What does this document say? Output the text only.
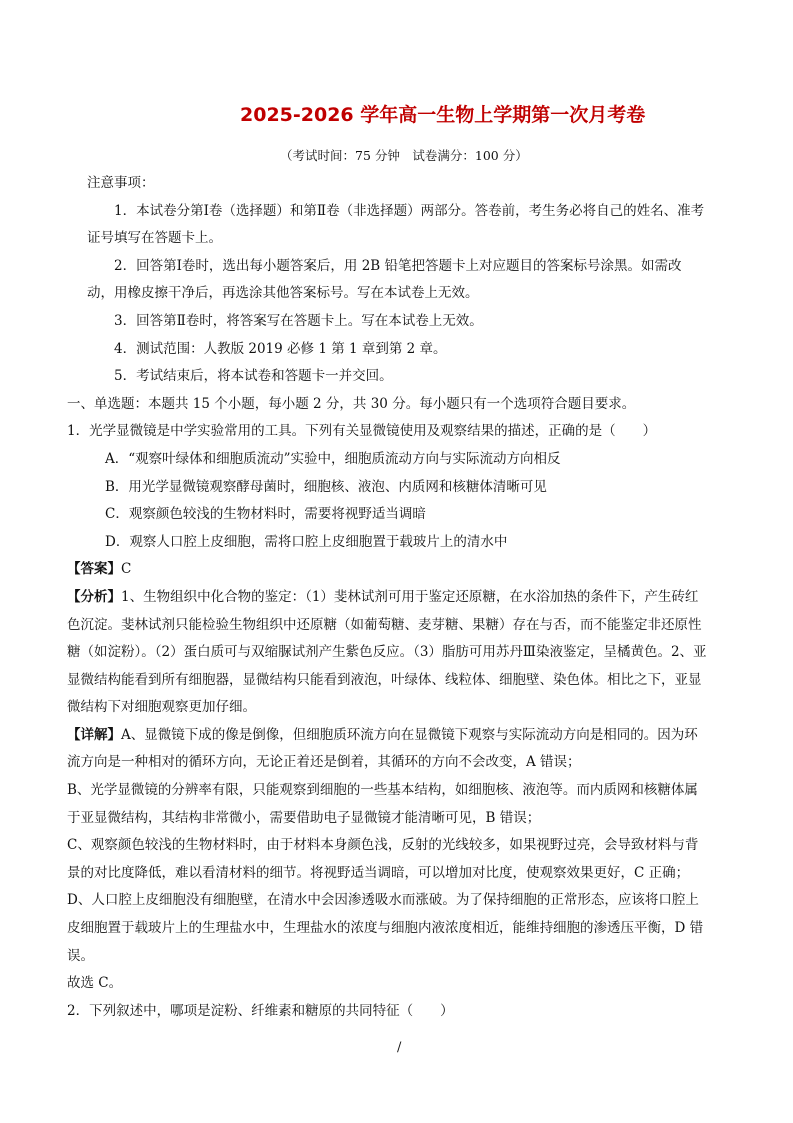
2025-2026 学年高一生物上学期第一次月考卷
（考试时间：75 分钟　试卷满分：100 分）

注意事项：

1．本试卷分第Ⅰ卷（选择题）和第Ⅱ卷（非选择题）两部分。答卷前，考生务必将自己的姓名、准考证号填写在答题卡上。

2．回答第Ⅰ卷时，选出每小题答案后，用 2B 铅笔把答题卡上对应题目的答案标号涂黑。如需改动，用橡皮擦干净后，再选涂其他答案标号。写在本试卷上无效。

3．回答第Ⅱ卷时，将答案写在答题卡上。写在本试卷上无效。

4．测试范围：人教版 2019 必修 1 第 1 章到第 2 章。

5．考试结束后，将本试卷和答题卡一并交回。

一、单选题：本题共 15 个小题，每小题 2 分，共 30 分。每小题只有一个选项符合题目要求。

1．光学显微镜是中学实验常用的工具。下列有关显微镜使用及观察结果的描述，正确的是（　　）

A．“观察叶绿体和细胞质流动”实验中，细胞质流动方向与实际流动方向相反

B．用光学显微镜观察酵母菌时，细胞核、液泡、内质网和核糖体清晰可见

C．观察颜色较浅的生物材料时，需要将视野适当调暗

D．观察人口腔上皮细胞，需将口腔上皮细胞置于载玻片上的清水中

【答案】C

【分析】1、生物组织中化合物的鉴定：（1）斐林试剂可用于鉴定还原糖，在水浴加热的条件下，产生砖红色沉淀。斐林试剂只能检验生物组织中还原糖（如葡萄糖、麦芽糖、果糖）存在与否，而不能鉴定非还原性糖（如淀粉）。（2）蛋白质可与双缩脲试剂产生紫色反应。（3）脂肪可用苏丹Ⅲ染液鉴定，呈橘黄色。2、亚显微结构能看到所有细胞器，显微结构只能看到液泡，叶绿体、线粒体、细胞壁、染色体。相比之下，亚显微结构下对细胞观察更加仔细。

【详解】A、显微镜下成的像是倒像，但细胞质环流方向在显微镜下观察与实际流动方向是相同的。因为环流方向是一种相对的循环方向，无论正着还是倒着，其循环的方向不会改变，A 错误；

B、光学显微镜的分辨率有限，只能观察到细胞的一些基本结构，如细胞核、液泡等。而内质网和核糖体属于亚显微结构，其结构非常微小，需要借助电子显微镜才能清晰可见，B 错误；

C、观察颜色较浅的生物材料时，由于材料本身颜色浅，反射的光线较多，如果视野过亮，会导致材料与背景的对比度降低，难以看清材料的细节。将视野适当调暗，可以增加对比度，使观察效果更好，C 正确；

D、人口腔上皮细胞没有细胞壁，在清水中会因渗透吸水而涨破。为了保持细胞的正常形态，应该将口腔上皮细胞置于载玻片上的生理盐水中，生理盐水的浓度与细胞内液浓度相近，能维持细胞的渗透压平衡，D 错误。

故选 C。

2．下列叙述中，哪项是淀粉、纤维素和糖原的共同特征（　　）

/
